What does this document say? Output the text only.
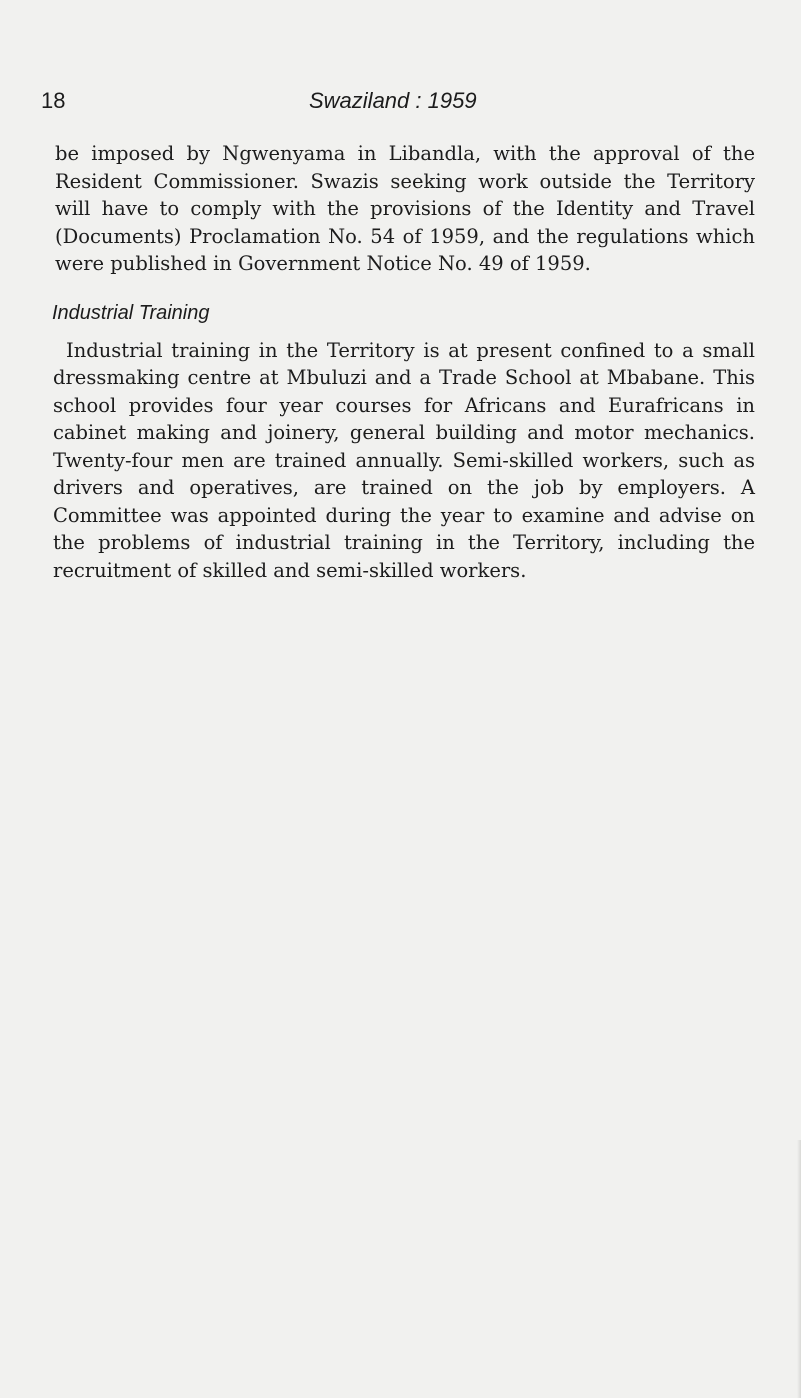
18	Swaziland : 1959

be imposed by Ngwenyama in Libandla, with the approval of the Resident Commissioner. Swazis seeking work outside the Territory will have to comply with the provisions of the Identity and Travel (Documents) Proclamation No. 54 of 1959, and the regulations which were published in Government Notice No. 49 of 1959.

Industrial Training

Industrial training in the Territory is at present confined to a small dressmaking centre at Mbuluzi and a Trade School at Mbabane. This school provides four year courses for Africans and Eurafricans in cabinet making and joinery, general building and motor mechanics. Twenty-four men are trained annually. Semi-skilled workers, such as drivers and operatives, are trained on the job by employers. A Committee was appointed during the year to examine and advise on the problems of industrial training in the Territory, including the recruitment of skilled and semi-skilled workers.
